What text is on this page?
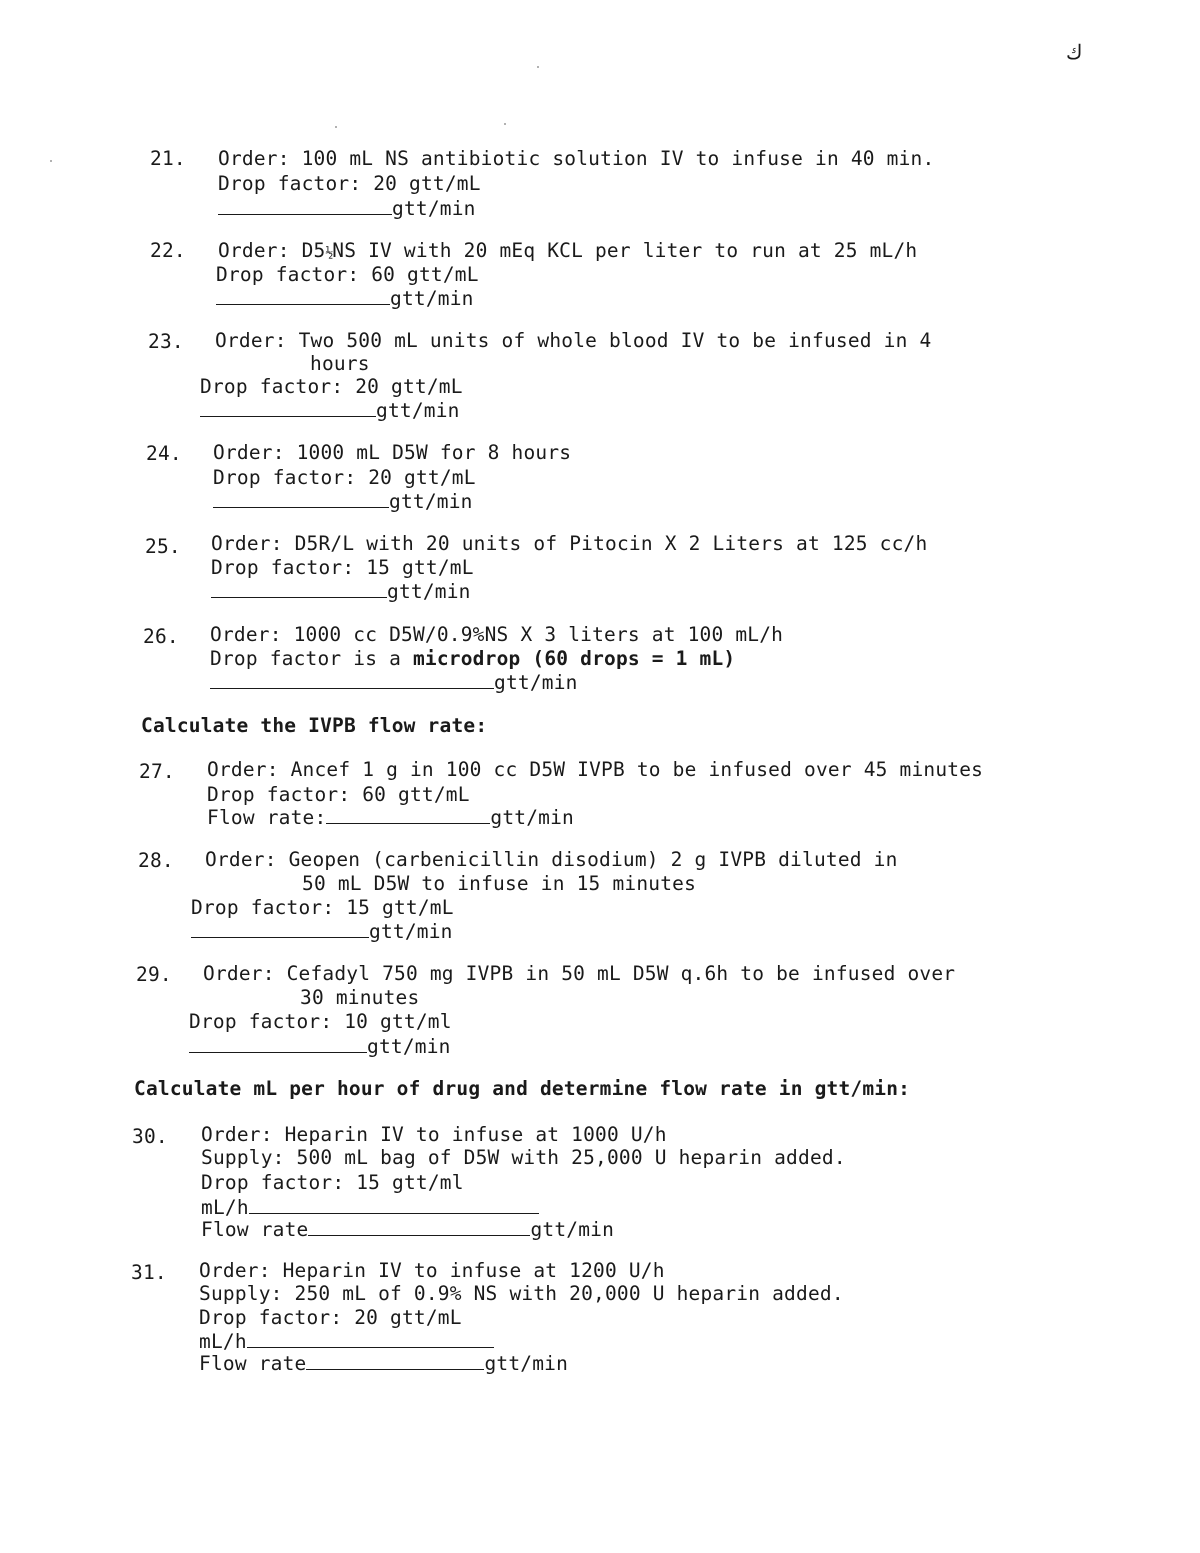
ك
21. Order: 100 mL NS antibiotic solution IV to infuse in 40 min.
Drop factor: 20 gtt/mL
gtt/min
22. Order: D5½NS IV with 20 mEq KCL per liter to run at 25 mL/h
Drop factor: 60 gtt/mL
gtt/min
23. Order: Two 500 mL units of whole blood IV to be infused in 4
hours
Drop factor: 20 gtt/mL
gtt/min
24. Order: 1000 mL D5W for 8 hours
Drop factor: 20 gtt/mL
gtt/min
25. Order: D5R/L with 20 units of Pitocin X 2 Liters at 125 cc/h
Drop factor: 15 gtt/mL
gtt/min
26. Order: 1000 cc D5W/0.9%NS X 3 liters at 100 mL/h
Drop factor is a microdrop (60 drops = 1 mL)
gtt/min
Calculate the IVPB flow rate:
27. Order: Ancef 1 g in 100 cc D5W IVPB to be infused over 45 minutes
Drop factor: 60 gtt/mL
Flow rate:	gtt/min
28. Order: Geopen (carbenicillin disodium) 2 g IVPB diluted in
50 mL D5W to infuse in 15 minutes
Drop factor: 15 gtt/mL
gtt/min
29. Order: Cefadyl 750 mg IVPB in 50 mL D5W q.6h to be infused over
30 minutes
Drop factor: 10 gtt/ml
gtt/min
Calculate mL per hour of drug and determine flow rate in gtt/min:
30. Order: Heparin IV to infuse at 1000 U/h
Supply: 500 mL bag of D5W with 25,000 U heparin added.
Drop factor: 15 gtt/ml
mL/h
Flow rate	gtt/min
31. Order: Heparin IV to infuse at 1200 U/h
Supply: 250 mL of 0.9% NS with 20,000 U heparin added.
Drop factor: 20 gtt/mL
mL/h
Flow rate	gtt/min
